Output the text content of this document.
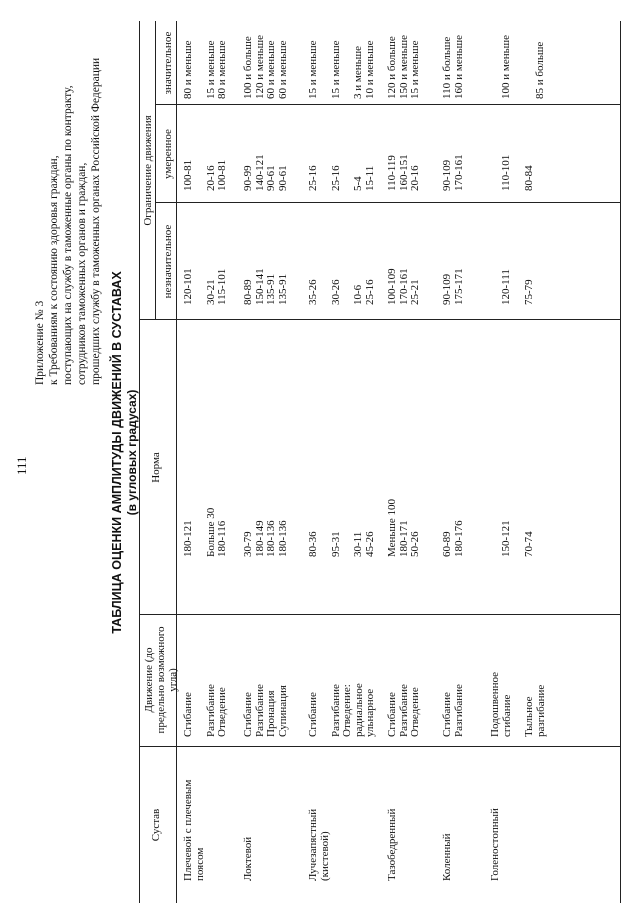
111
Приложение № 3 к Требованиям к состоянию здоровья граждан, поступающих на службу в таможенные органы по контракту, сотрудников таможенных органов и граждан, прошедших службу в таможенных органах Российской Федерации
ТАБЛИЦА ОЦЕНКИ АМПЛИТУДЫ ДВИЖЕНИЙ В СУСТАВАХ (в угловых градусах)
Сустав
Движение (до предельно возможного угла)
Норма
Ограничение движения
незначительное
умеренное
значительное
Плечевой с плечевым поясом
Сгибание Разгибание Отведение
180-121 Больше 30 180-116
120-101 30-21 115-101
100-81 20-16 100-81
80 и меньше 15 и меньше 80 и меньше
Локтевой
Сгибание Разгибание Пронация Супинация
30-79 180-149 180-136 180-136
80-89 150-141 135-91 135-91
90-99 140-121 90-61 90-61
100 и больше 120 и меньше 60 и меньше 60 и меньше
Лучезапястный (кистевой)
Сгибание Разгибание Отведение: радиальное ульнарное
80-36 95-31 30-11 45-26
35-26 30-26 10-6 25-16
25-16 25-16 5-4 15-11
15 и меньше 15 и меньше 3 и меньше 10 и меньше
Тазобедренный
Сгибание Разгибание Отведение
Меньше 100 180-171 50-26
100-109 170-161 25-21
110-119 160-151 20-16
120 и больше 150 и меньше 15 и меньше
Коленный
Сгибание Разгибание
60-89 180-176
90-109 175-171
90-109 170-161
110 и больше 160 и меньше
Голеностопный
Подошвенное сгибание Тыльное разгибание
150-121 70-74
120-111 75-79
110-101 80-84
100 и меньше 85 и больше
